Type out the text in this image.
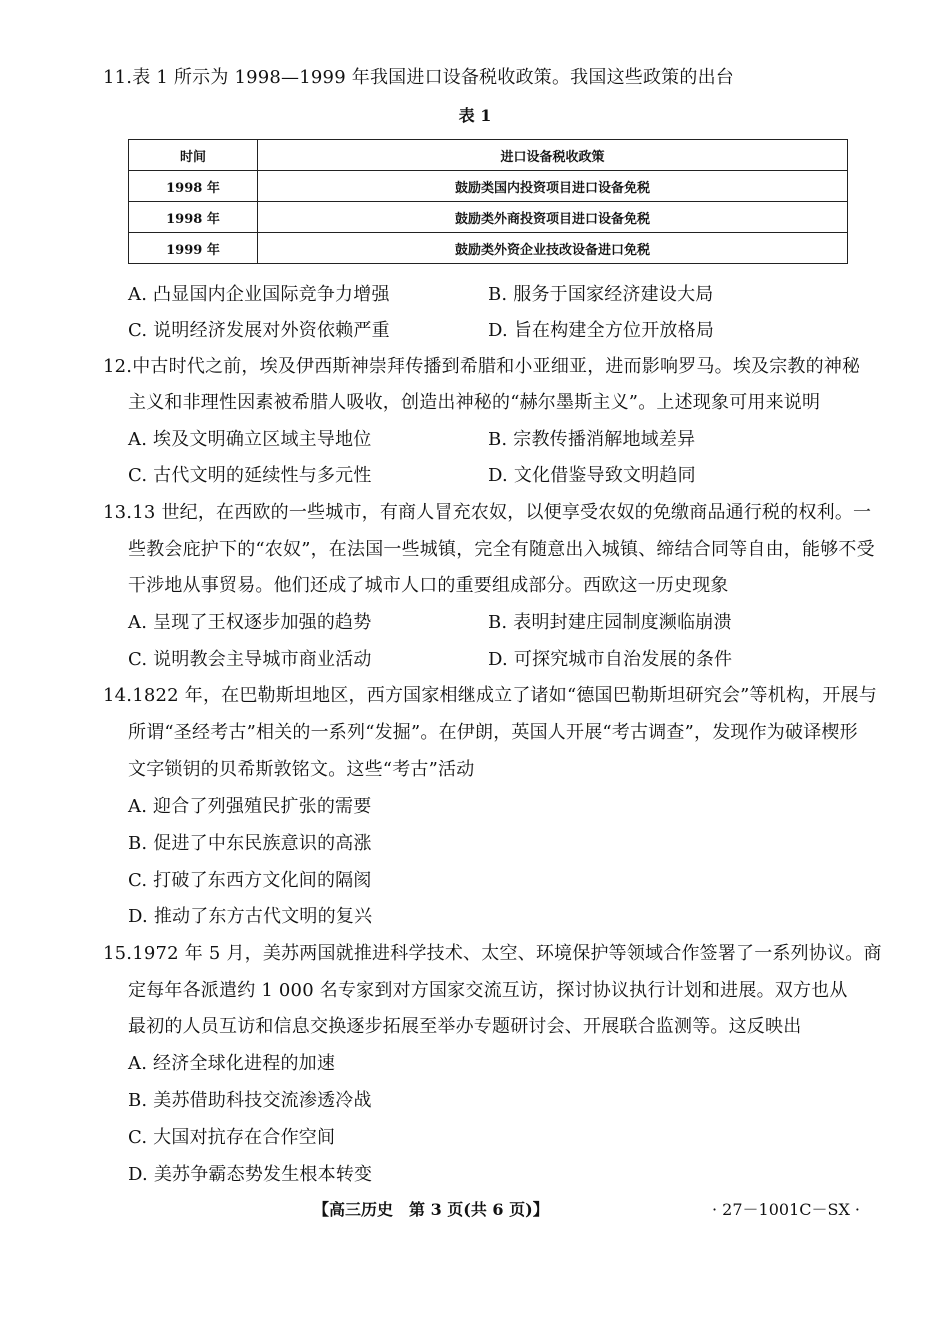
11.表 1 所示为 1998—1999 年我国进口设备税收政策。我国这些政策的出台
表 1
时间	进口设备税收政策
1998 年	鼓励类国内投资项目进口设备免税
1998 年	鼓励类外商投资项目进口设备免税
1999 年	鼓励类外资企业技改设备进口免税
A. 凸显国内企业国际竞争力增强	B. 服务于国家经济建设大局
C. 说明经济发展对外资依赖严重	D. 旨在构建全方位开放格局
12.中古时代之前，埃及伊西斯神崇拜传播到希腊和小亚细亚，进而影响罗马。埃及宗教的神秘
主义和非理性因素被希腊人吸收，创造出神秘的“赫尔墨斯主义”。上述现象可用来说明
A. 埃及文明确立区域主导地位	B. 宗教传播消解地域差异
C. 古代文明的延续性与多元性	D. 文化借鉴导致文明趋同
13.13 世纪，在西欧的一些城市，有商人冒充农奴，以便享受农奴的免缴商品通行税的权利。一
些教会庇护下的“农奴”，在法国一些城镇，完全有随意出入城镇、缔结合同等自由，能够不受
干涉地从事贸易。他们还成了城市人口的重要组成部分。西欧这一历史现象
A. 呈现了王权逐步加强的趋势	B. 表明封建庄园制度濒临崩溃
C. 说明教会主导城市商业活动	D. 可探究城市自治发展的条件
14.1822 年，在巴勒斯坦地区，西方国家相继成立了诸如“德国巴勒斯坦研究会”等机构，开展与
所谓“圣经考古”相关的一系列“发掘”。在伊朗，英国人开展“考古调查”，发现作为破译楔形
文字锁钥的贝希斯敦铭文。这些“考古”活动
A. 迎合了列强殖民扩张的需要
B. 促进了中东民族意识的高涨
C. 打破了东西方文化间的隔阂
D. 推动了东方古代文明的复兴
15.1972 年 5 月，美苏两国就推进科学技术、太空、环境保护等领域合作签署了一系列协议。商
定每年各派遣约 1 000 名专家到对方国家交流互访，探讨协议执行计划和进展。双方也从
最初的人员互访和信息交换逐步拓展至举办专题研讨会、开展联合监测等。这反映出
A. 经济全球化进程的加速
B. 美苏借助科技交流渗透冷战
C. 大国对抗存在合作空间
D. 美苏争霸态势发生根本转变
【高三历史　第 3 页(共 6 页)】	· 27－1001C－SX ·
